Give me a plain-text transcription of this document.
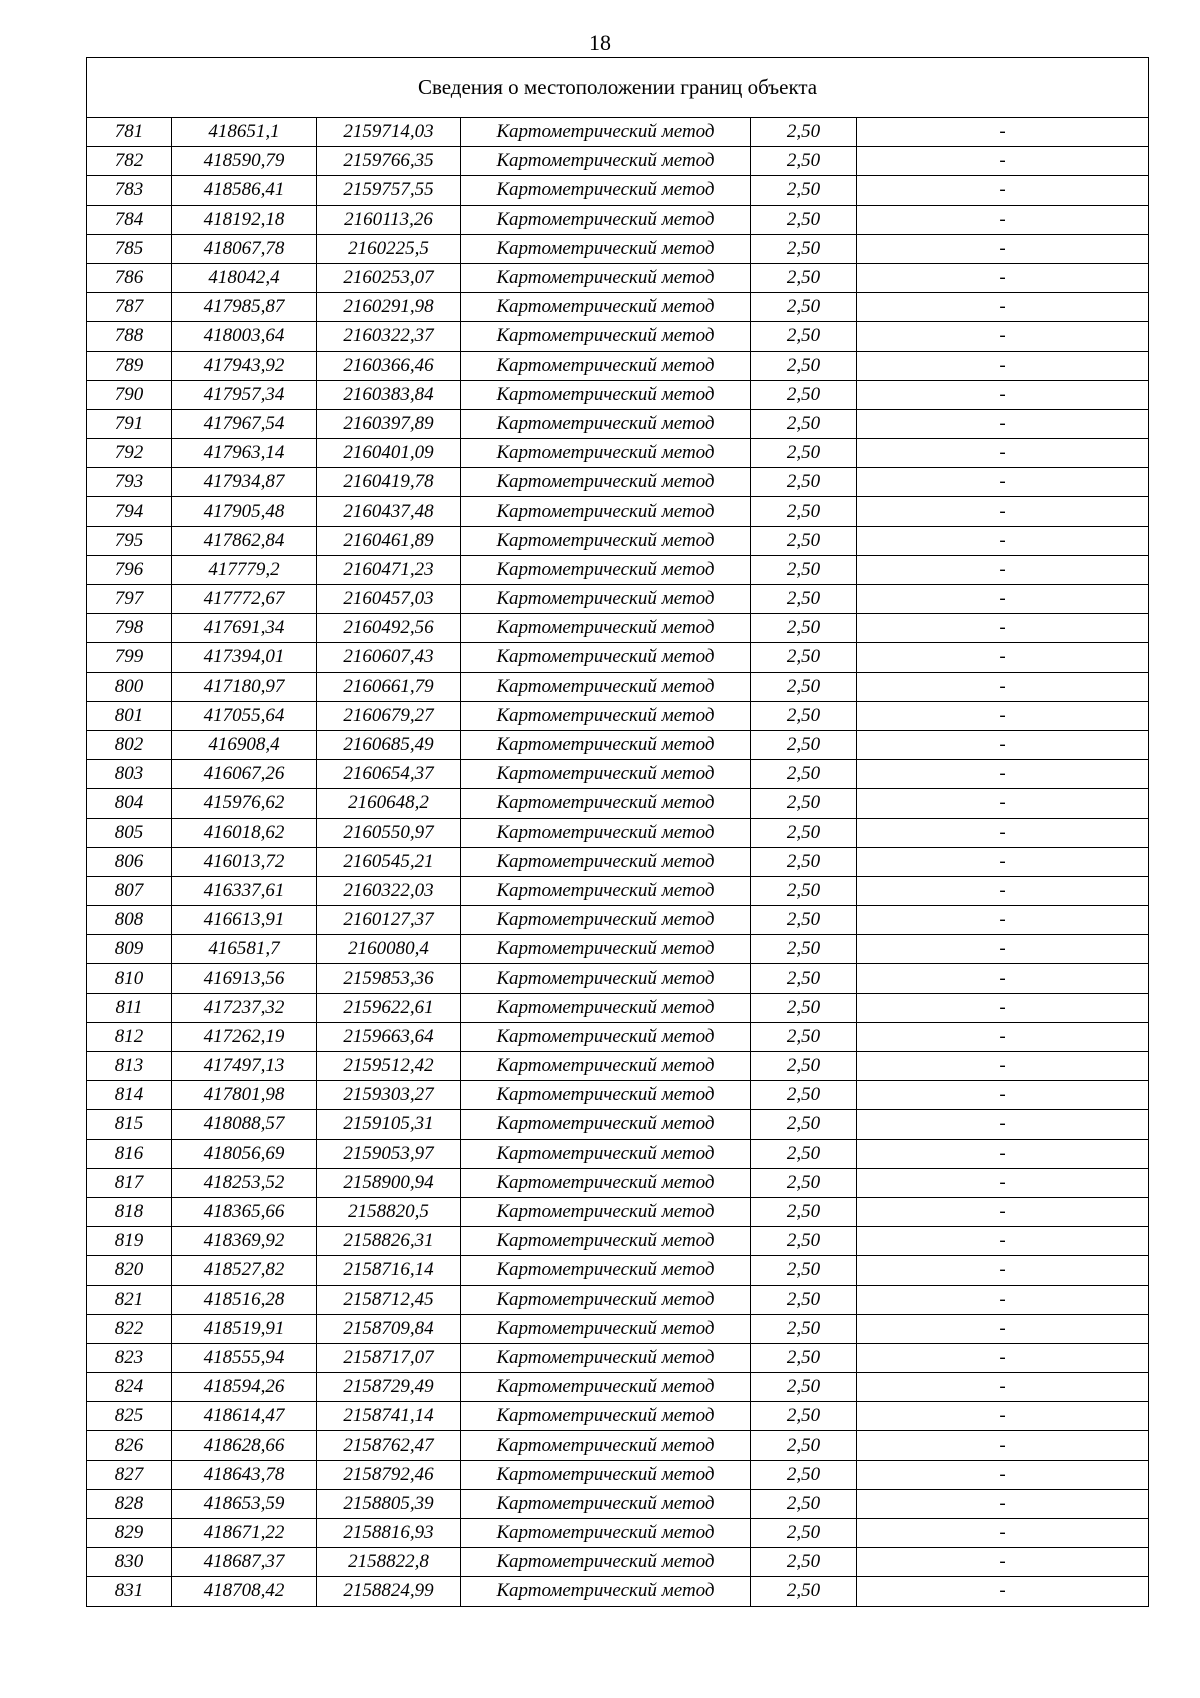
18
Сведения о местоположении границ объекта					
781	418651,1	2159714,03	Картометрический метод	2,50	-
782	418590,79	2159766,35	Картометрический метод	2,50	-
783	418586,41	2159757,55	Картометрический метод	2,50	-
784	418192,18	2160113,26	Картометрический метод	2,50	-
785	418067,78	2160225,5	Картометрический метод	2,50	-
786	418042,4	2160253,07	Картометрический метод	2,50	-
787	417985,87	2160291,98	Картометрический метод	2,50	-
788	418003,64	2160322,37	Картометрический метод	2,50	-
789	417943,92	2160366,46	Картометрический метод	2,50	-
790	417957,34	2160383,84	Картометрический метод	2,50	-
791	417967,54	2160397,89	Картометрический метод	2,50	-
792	417963,14	2160401,09	Картометрический метод	2,50	-
793	417934,87	2160419,78	Картометрический метод	2,50	-
794	417905,48	2160437,48	Картометрический метод	2,50	-
795	417862,84	2160461,89	Картометрический метод	2,50	-
796	417779,2	2160471,23	Картометрический метод	2,50	-
797	417772,67	2160457,03	Картометрический метод	2,50	-
798	417691,34	2160492,56	Картометрический метод	2,50	-
799	417394,01	2160607,43	Картометрический метод	2,50	-
800	417180,97	2160661,79	Картометрический метод	2,50	-
801	417055,64	2160679,27	Картометрический метод	2,50	-
802	416908,4	2160685,49	Картометрический метод	2,50	-
803	416067,26	2160654,37	Картометрический метод	2,50	-
804	415976,62	2160648,2	Картометрический метод	2,50	-
805	416018,62	2160550,97	Картометрический метод	2,50	-
806	416013,72	2160545,21	Картометрический метод	2,50	-
807	416337,61	2160322,03	Картометрический метод	2,50	-
808	416613,91	2160127,37	Картометрический метод	2,50	-
809	416581,7	2160080,4	Картометрический метод	2,50	-
810	416913,56	2159853,36	Картометрический метод	2,50	-
811	417237,32	2159622,61	Картометрический метод	2,50	-
812	417262,19	2159663,64	Картометрический метод	2,50	-
813	417497,13	2159512,42	Картометрический метод	2,50	-
814	417801,98	2159303,27	Картометрический метод	2,50	-
815	418088,57	2159105,31	Картометрический метод	2,50	-
816	418056,69	2159053,97	Картометрический метод	2,50	-
817	418253,52	2158900,94	Картометрический метод	2,50	-
818	418365,66	2158820,5	Картометрический метод	2,50	-
819	418369,92	2158826,31	Картометрический метод	2,50	-
820	418527,82	2158716,14	Картометрический метод	2,50	-
821	418516,28	2158712,45	Картометрический метод	2,50	-
822	418519,91	2158709,84	Картометрический метод	2,50	-
823	418555,94	2158717,07	Картометрический метод	2,50	-
824	418594,26	2158729,49	Картометрический метод	2,50	-
825	418614,47	2158741,14	Картометрический метод	2,50	-
826	418628,66	2158762,47	Картометрический метод	2,50	-
827	418643,78	2158792,46	Картометрический метод	2,50	-
828	418653,59	2158805,39	Картометрический метод	2,50	-
829	418671,22	2158816,93	Картометрический метод	2,50	-
830	418687,37	2158822,8	Картометрический метод	2,50	-
831	418708,42	2158824,99	Картометрический метод	2,50	-
